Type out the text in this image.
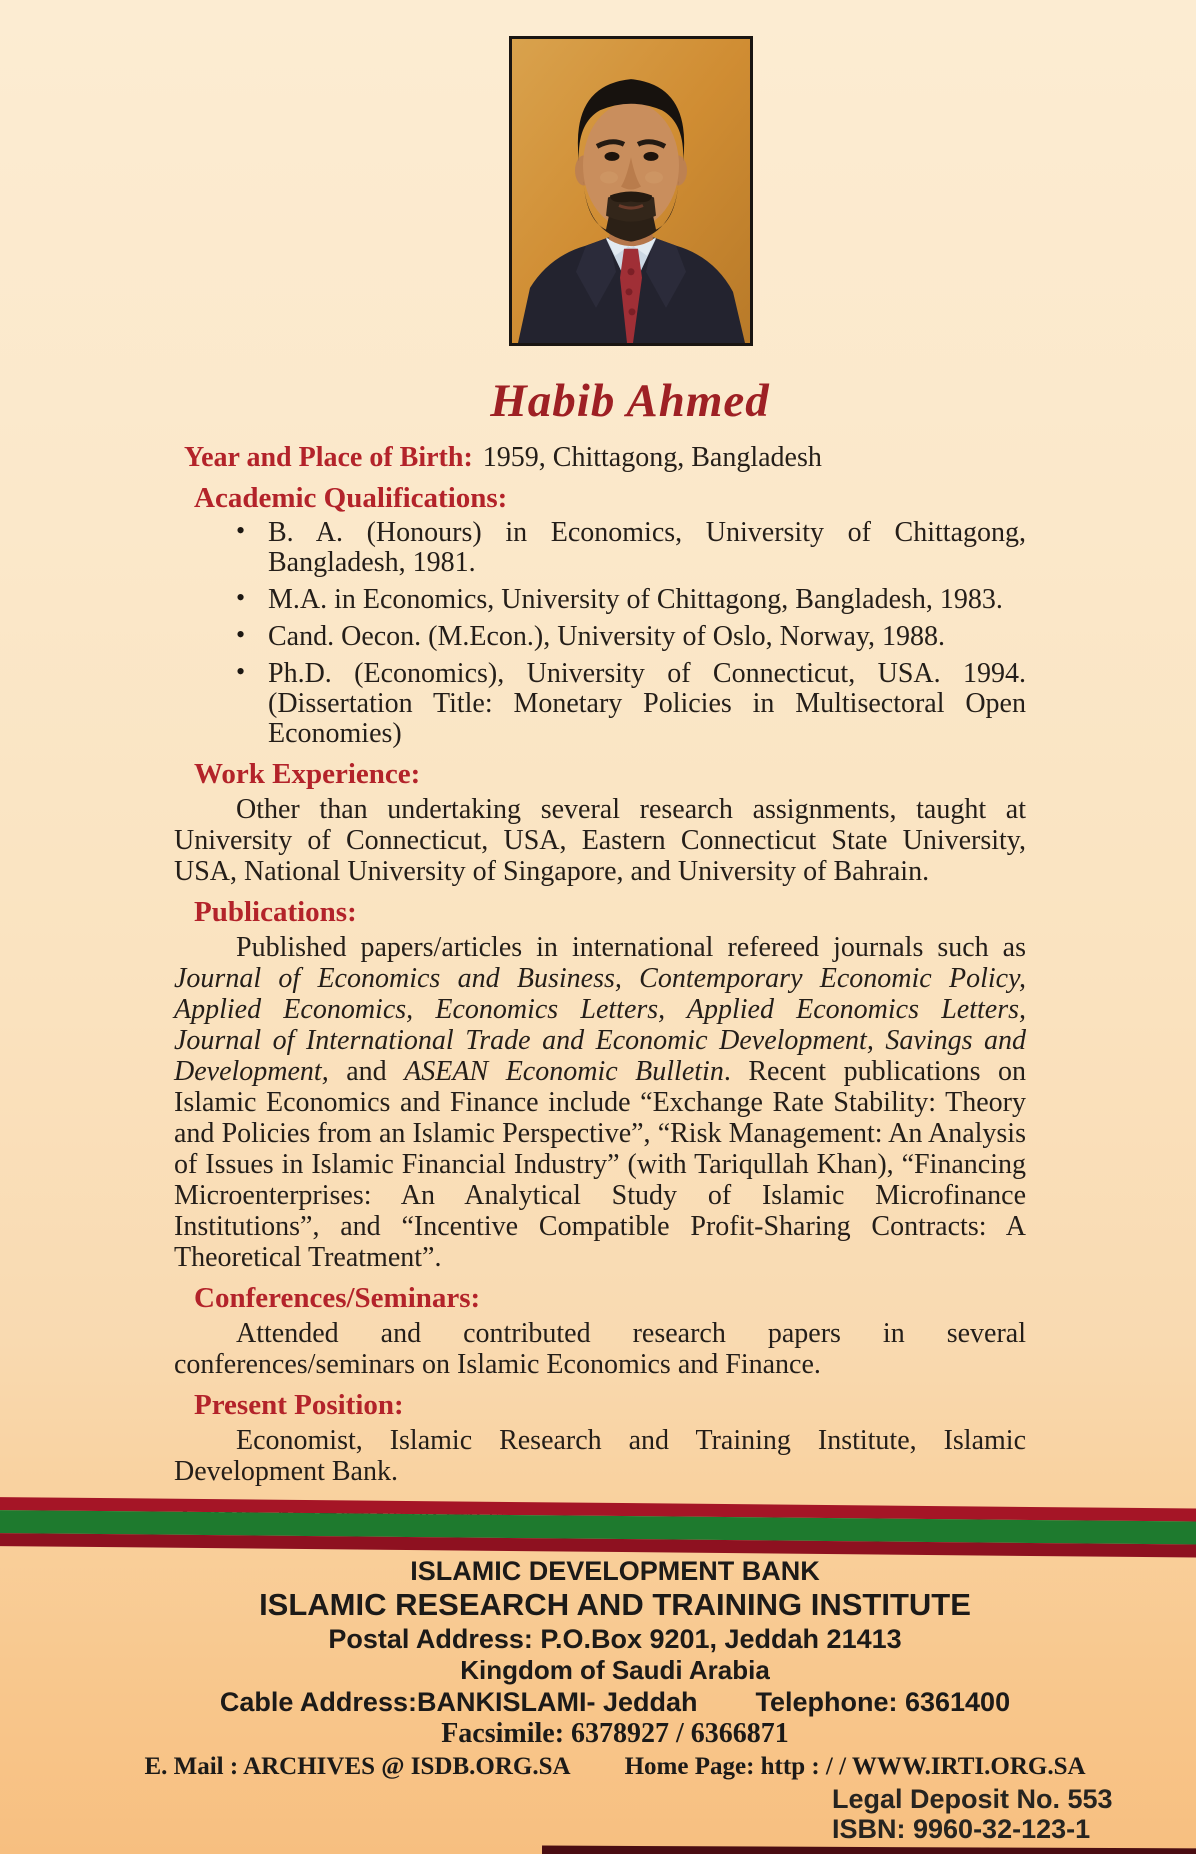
Habib Ahmed
Year and Place of Birth: 1959, Chittagong, Bangladesh
Academic Qualifications:
• B. A. (Honours) in Economics, University of Chittagong, Bangladesh, 1981.
• M.A. in Economics, University of Chittagong, Bangladesh, 1983.
• Cand. Oecon. (M.Econ.), University of Oslo, Norway, 1988.
• Ph.D. (Economics), University of Connecticut, USA. 1994. (Dissertation Title: Monetary Policies in Multisectoral Open Economies)
Work Experience:
Other than undertaking several research assignments, taught at University of Connecticut, USA, Eastern Connecticut State University, USA, National University of Singapore, and University of Bahrain.
Publications:
Published papers/articles in international refereed journals such as Journal of Economics and Business, Contemporary Economic Policy, Applied Economics, Economics Letters, Applied Economics Letters, Journal of International Trade and Economic Development, Savings and Development, and ASEAN Economic Bulletin. Recent publications on Islamic Economics and Finance include “Exchange Rate Stability: Theory and Policies from an Islamic Perspective”, “Risk Management: An Analysis of Issues in Islamic Financial Industry” (with Tariqullah Khan), “Financing Microenterprises: An Analytical Study of Islamic Microfinance Institutions”, and “Incentive Compatible Profit-Sharing Contracts: A Theoretical Treatment”.
Conferences/Seminars:
Attended and contributed research papers in several conferences/seminars on Islamic Economics and Finance.
Present Position:
Economist, Islamic Research and Training Institute, Islamic Development Bank.
ISLAMIC DEVELOPMENT BANK
ISLAMIC RESEARCH AND TRAINING INSTITUTE
Postal Address: P.O.Box 9201, Jeddah 21413
Kingdom of Saudi Arabia
Cable Address:BANKISLAMI- Jeddah Telephone: 6361400
Facsimile: 6378927 / 6366871
E. Mail : ARCHIVES @ ISDB.ORG.SA Home Page: http : / / WWW.IRTI.ORG.SA
Legal Deposit No. 553
ISBN: 9960-32-123-1
